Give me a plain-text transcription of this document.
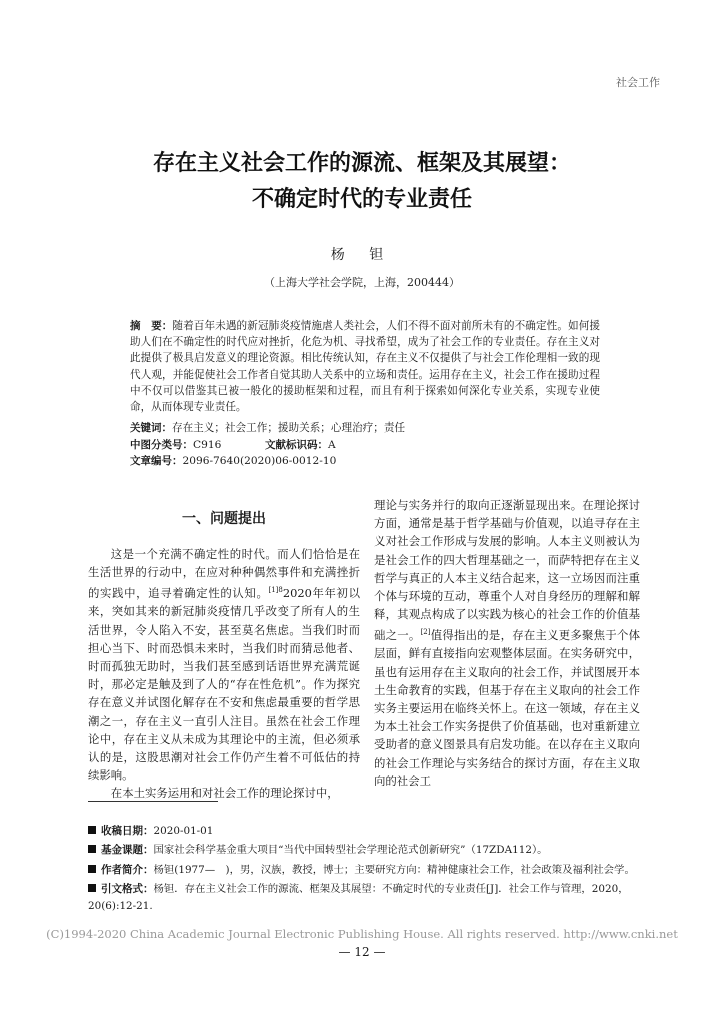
社会工作
存在主义社会工作的源流、框架及其展望：
不确定时代的专业责任
杨 钽
（上海大学社会学院，上海，200444）
摘　要：随着百年未遇的新冠肺炎疫情施虐人类社会，人们不得不面对前所未有的不确定性。如何援助人们在不确定性的时代应对挫折，化危为机、寻找希望，成为了社会工作的专业责任。存在主义对此提供了极具启发意义的理论资源。相比传统认知，存在主义不仅提供了与社会工作伦理相一致的现代人观，并能促使社会工作者自觉其助人关系中的立场和责任。运用存在主义，社会工作在援助过程中不仅可以借鉴其已被一般化的援助框架和过程，而且有利于探索如何深化专业关系，实现专业使命，从而体现专业责任。
关键词：存在主义；社会工作；援助关系；心理治疗；责任
中图分类号：C916	文献标识码：A文章编号：2096-7640(2020)06-0012-10
一、问题提出

这是一个充满不确定性的时代。而人们恰恰是在生活世界的行动中，在应对种种偶然事件和充满挫折的实践中，追寻着确定性的认知。$^{[1]8}$2020年年初以来，突如其来的新冠肺炎疫情几乎改变了所有人的生活世界，令人陷入不安，甚至莫名焦虑。当我们时而担心当下、时而恐惧未来时，当我们时而猜忌他者、时而孤独无助时，当我们甚至感到话语世界充满荒诞时，那必定是触及到了人的“存在性危机”。作为探究存在意义并试图化解存在不安和焦虑最重要的哲学思潮之一，存在主义一直引人注目。虽然在社会工作理论中，存在主义从未成为其理论中的主流，但必须承认的是，这股思潮对社会工作仍产生着不可低估的持续影响。

在本土实务运用和对社会工作的理论探讨中，

理论与实务并行的取向正逐渐显现出来。在理论探讨方面，通常是基于哲学基础与价值观，以追寻存在主义对社会工作形成与发展的影响。人本主义则被认为是社会工作的四大哲理基础之一，而萨特把存在主义哲学与真正的人本主义结合起来，这一立场因而注重个体与环境的互动，尊重个人对自身经历的理解和解释，其观点构成了以实践为核心的社会工作的价值基础之一。[2]值得指出的是，存在主义更多聚焦于个体层面，鲜有直接指向宏观整体层面。在实务研究中，虽也有运用存在主义取向的社会工作，并试图展开本土生命教育的实践，但基于存在主义取向的社会工作实务主要运用在临终关怀上。在这一领域，存在主义为本土社会工作实务提供了价值基础，也对重新建立受助者的意义图景具有启发功能。在以存在主义取向的社会工作理论与实务结合的探讨方面，存在主义取向的社会工

收稿日期：2020-01-01
基金课题：国家社会科学基金重大项目“当代中国转型社会学理论范式创新研究”（17ZDA112）。
作者简介：杨钽(1977—　)，男，汉族，教授，博士；主要研究方向：精神健康社会工作，社会政策及福利社会学。
引文格式：杨钽．存在主义社会工作的源流、框架及其展望：不确定时代的专业责任[J]．社会工作与管理，2020，20(6):12-21.
(C)1994-2020 China Academic Journal Electronic Publishing House. All rights reserved. http://www.cnki.net
— 12 —
